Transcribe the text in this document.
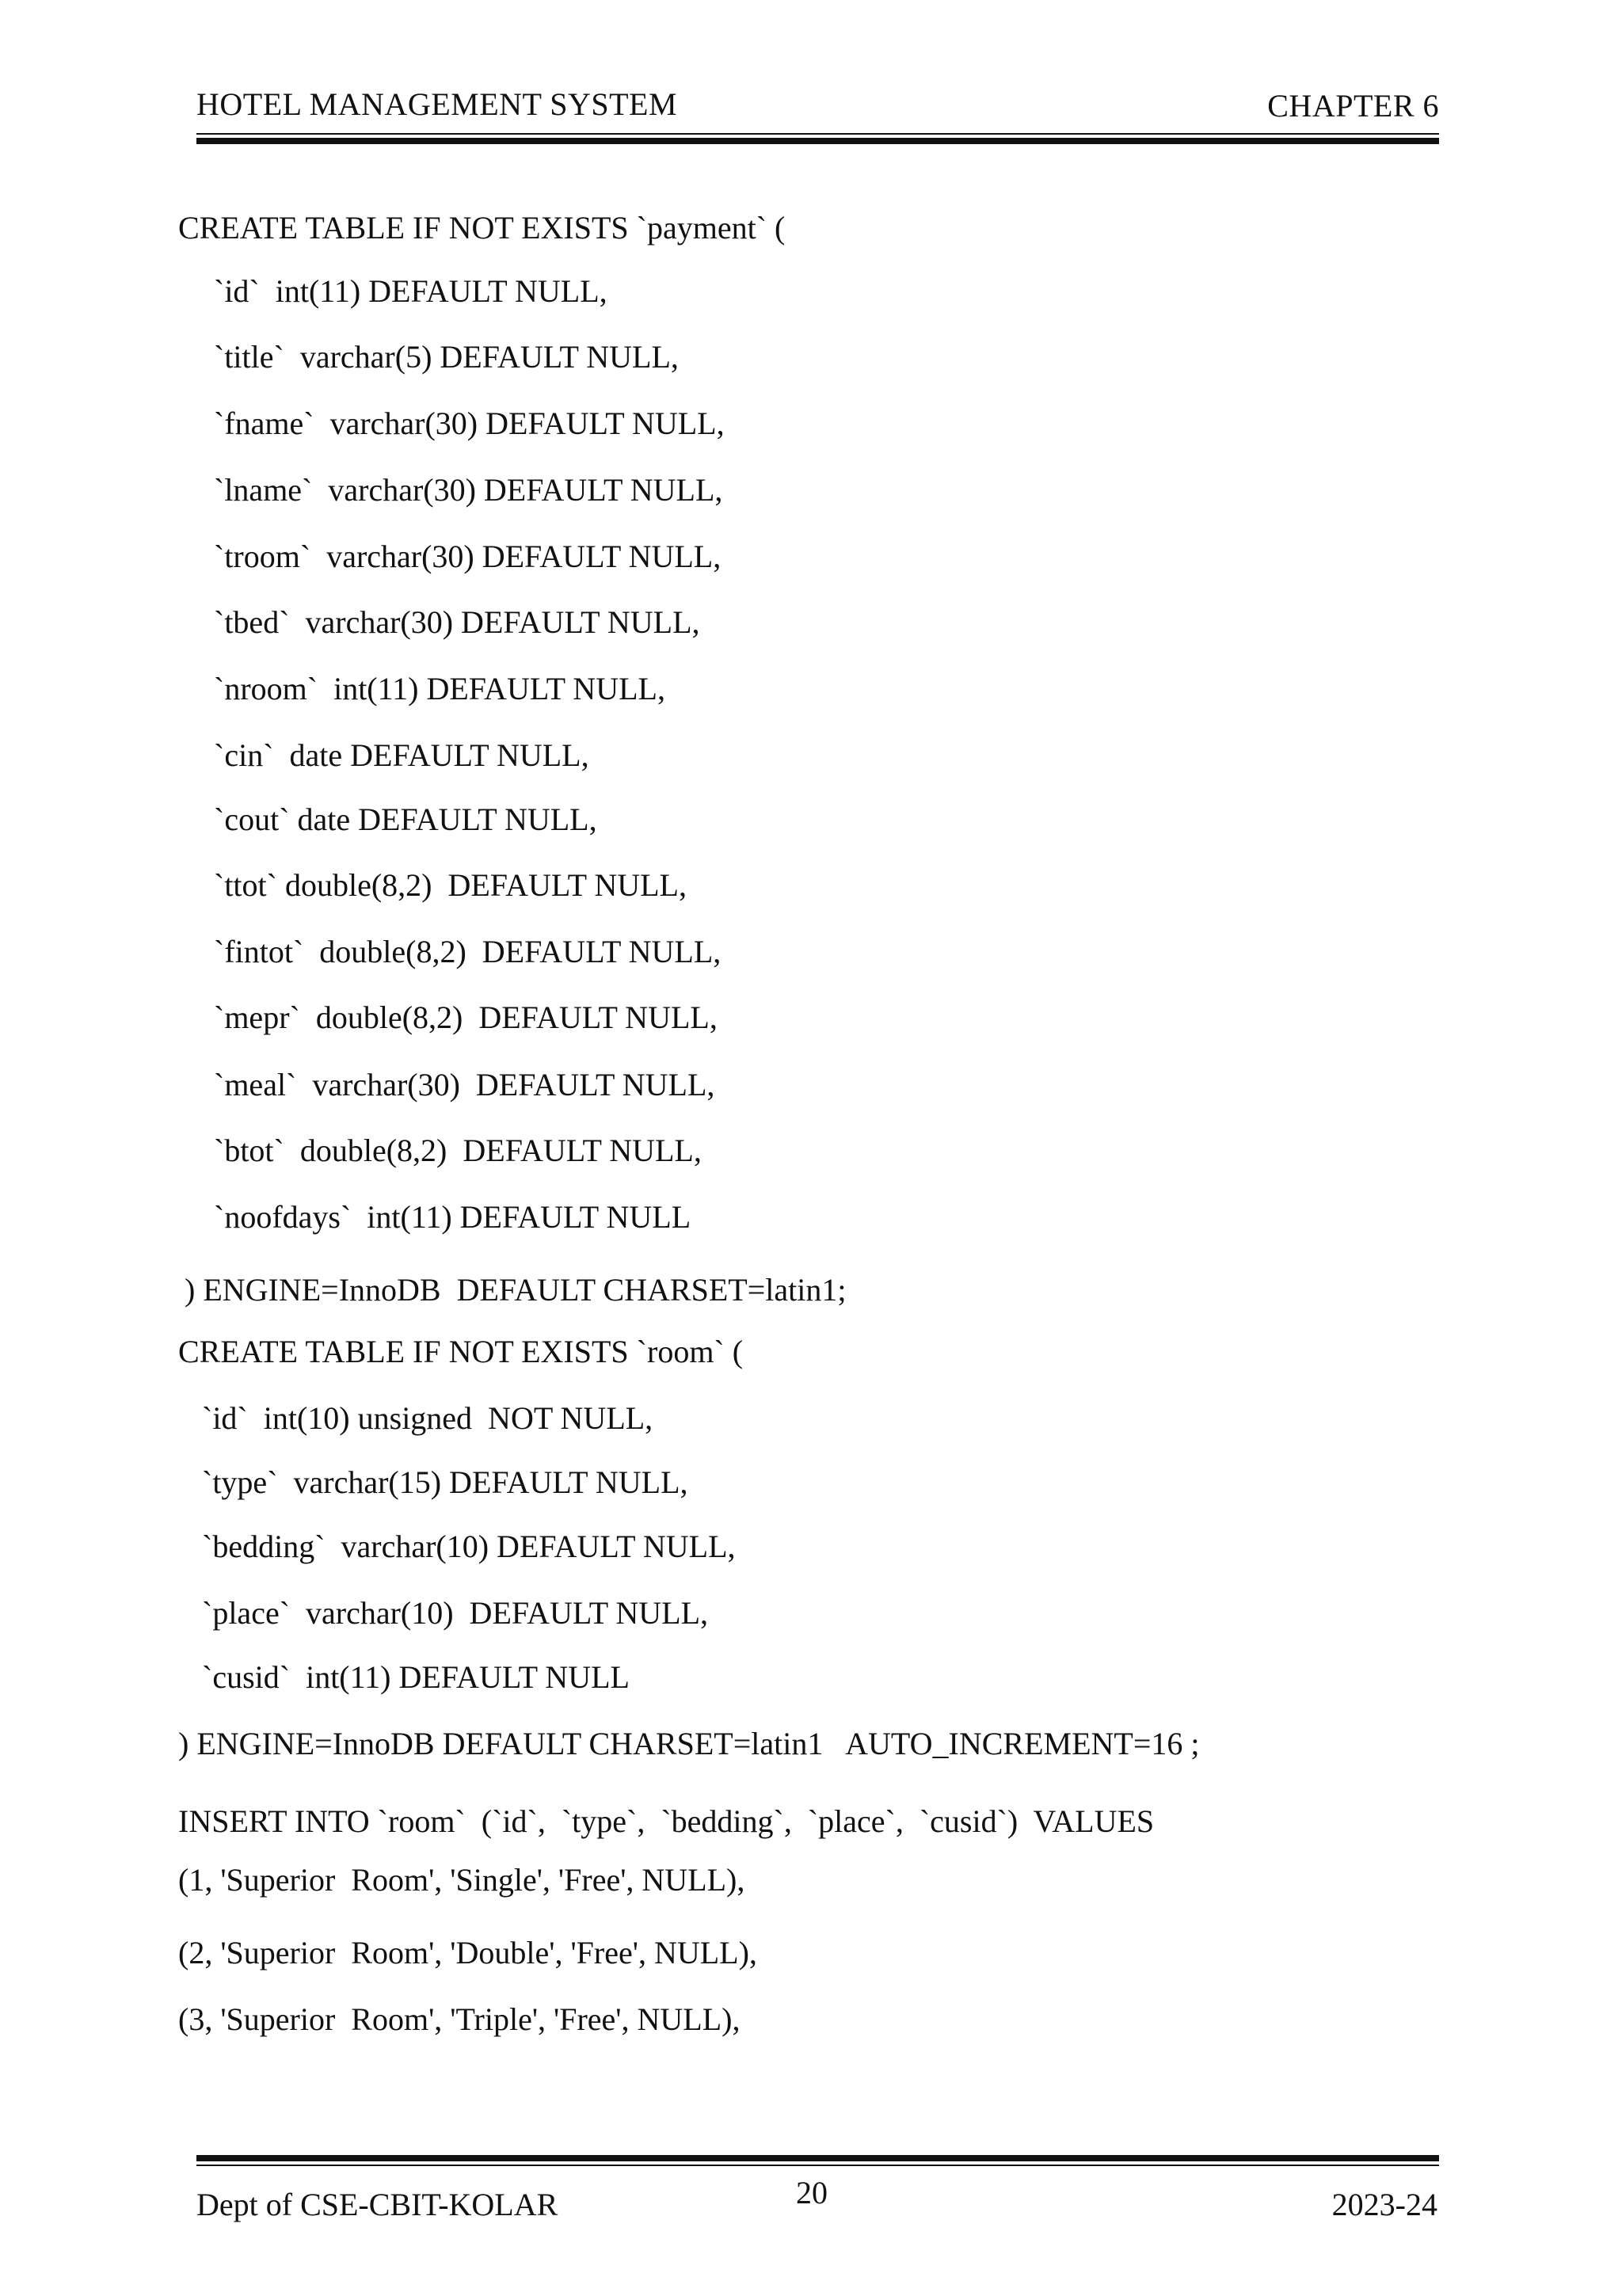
HOTEL MANAGEMENT SYSTEM	CHAPTER 6
CREATE TABLE IF NOT EXISTS `payment` (
`id`  int(11) DEFAULT NULL,
`title`  varchar(5) DEFAULT NULL,
`fname`  varchar(30) DEFAULT NULL,
`lname`  varchar(30) DEFAULT NULL,
`troom`  varchar(30) DEFAULT NULL,
`tbed`  varchar(30) DEFAULT NULL,
`nroom`  int(11) DEFAULT NULL,
`cin`  date DEFAULT NULL,
`cout` date DEFAULT NULL,
`ttot` double(8,2)  DEFAULT NULL,
`fintot`  double(8,2)  DEFAULT NULL,
`mepr`  double(8,2)  DEFAULT NULL,
`meal`  varchar(30)  DEFAULT NULL,
`btot`  double(8,2)  DEFAULT NULL,
`noofdays`  int(11) DEFAULT NULL
) ENGINE=InnoDB  DEFAULT CHARSET=latin1;
CREATE TABLE IF NOT EXISTS `room` (
`id`  int(10) unsigned  NOT NULL,
`type`  varchar(15) DEFAULT NULL,
`bedding`  varchar(10) DEFAULT NULL,
`place`  varchar(10)  DEFAULT NULL,
`cusid`  int(11) DEFAULT NULL
) ENGINE=InnoDB DEFAULT CHARSET=latin1   AUTO_INCREMENT=16 ;
INSERT INTO `room`  (`id`,  `type`,  `bedding`,  `place`,  `cusid`)  VALUES
(1, 'Superior  Room', 'Single', 'Free', NULL),
(2, 'Superior  Room', 'Double', 'Free', NULL),
(3, 'Superior  Room', 'Triple', 'Free', NULL),
Dept of CSE-CBIT-KOLAR	20	2023-24
